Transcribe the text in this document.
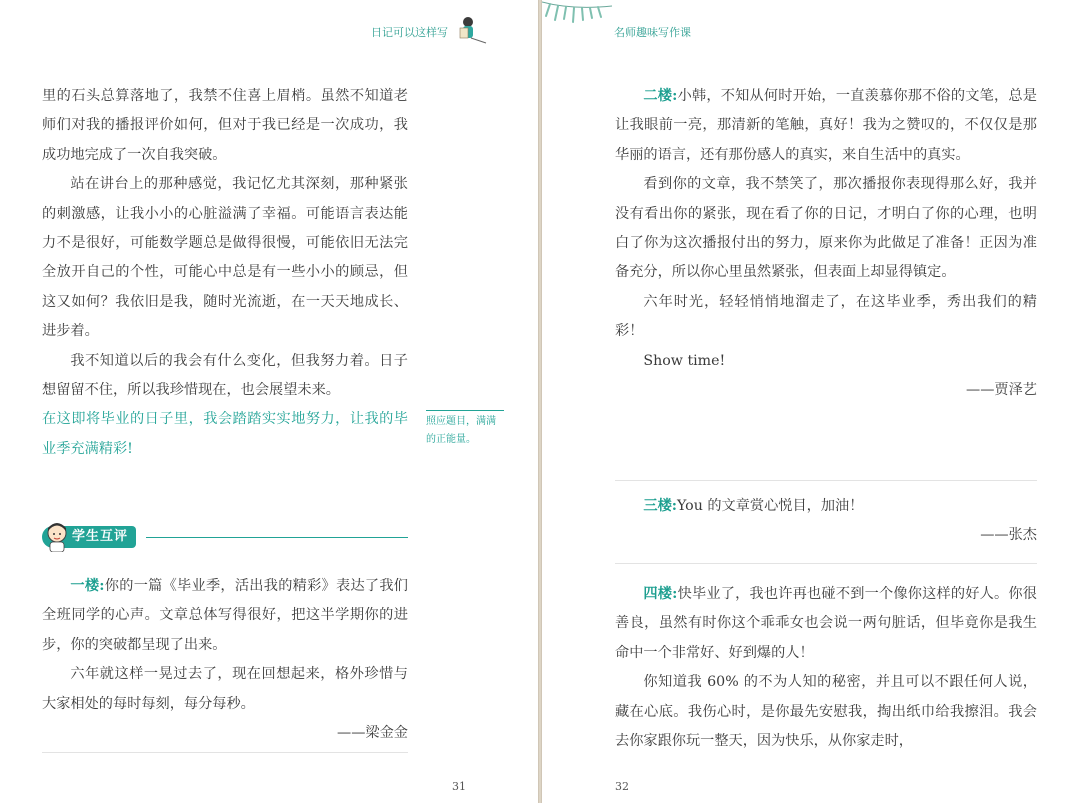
日记可以这样写

里的石头总算落地了，我禁不住喜上眉梢。虽然不知道老师们对我的播报评价如何，但对于我已经是一次成功，我成功地完成了一次自我突破。

站在讲台上的那种感觉，我记忆尤其深刻，那种紧张的刺激感，让我小小的心脏溢满了幸福。可能语言表达能力不是很好，可能数学题总是做得很慢，可能依旧无法完全放开自己的个性，可能心中总是有一些小小的顾忌，但这又如何？我依旧是我，随时光流逝，在一天天地成长、进步着。

我不知道以后的我会有什么变化，但我努力着。日子想留留不住，所以我珍惜现在，也会展望未来。

在这即将毕业的日子里，我会踏踏实实地努力，让我的毕业季充满精彩!

照应题目，满满的正能量。
学生互评

一楼:你的一篇《毕业季，活出我的精彩》表达了我们全班同学的心声。文章总体写得很好，把这半学期你的进步，你的突破都呈现了出来。

六年就这样一晃过去了，现在回想起来，格外珍惜与大家相处的每时每刻，每分每秒。

——梁金金

31
名师趣味写作课

二楼:小韩，不知从何时开始，一直羡慕你那不俗的文笔，总是让我眼前一亮，那清新的笔触，真好！我为之赞叹的，不仅仅是那华丽的语言，还有那份感人的真实，来自生活中的真实。

看到你的文章，我不禁笑了，那次播报你表现得那么好，我并没有看出你的紧张，现在看了你的日记，才明白了你的心理，也明白了你为这次播报付出的努力，原来你为此做足了准备！正因为准备充分，所以你心里虽然紧张，但表面上却显得镇定。

六年时光，轻轻悄悄地溜走了，在这毕业季，秀出我们的精彩！

Show time!

——贾泽艺

三楼:You 的文章赏心悦目，加油！

——张杰

四楼:快毕业了，我也许再也碰不到一个像你这样的好人。你很善良，虽然有时你这个乖乖女也会说一两句脏话，但毕竟你是我生命中一个非常好、好到爆的人！

你知道我 60% 的不为人知的秘密，并且可以不跟任何人说，藏在心底。我伤心时，是你最先安慰我，掏出纸巾给我擦泪。我会去你家跟你玩一整天，因为快乐，从你家走时，

32
